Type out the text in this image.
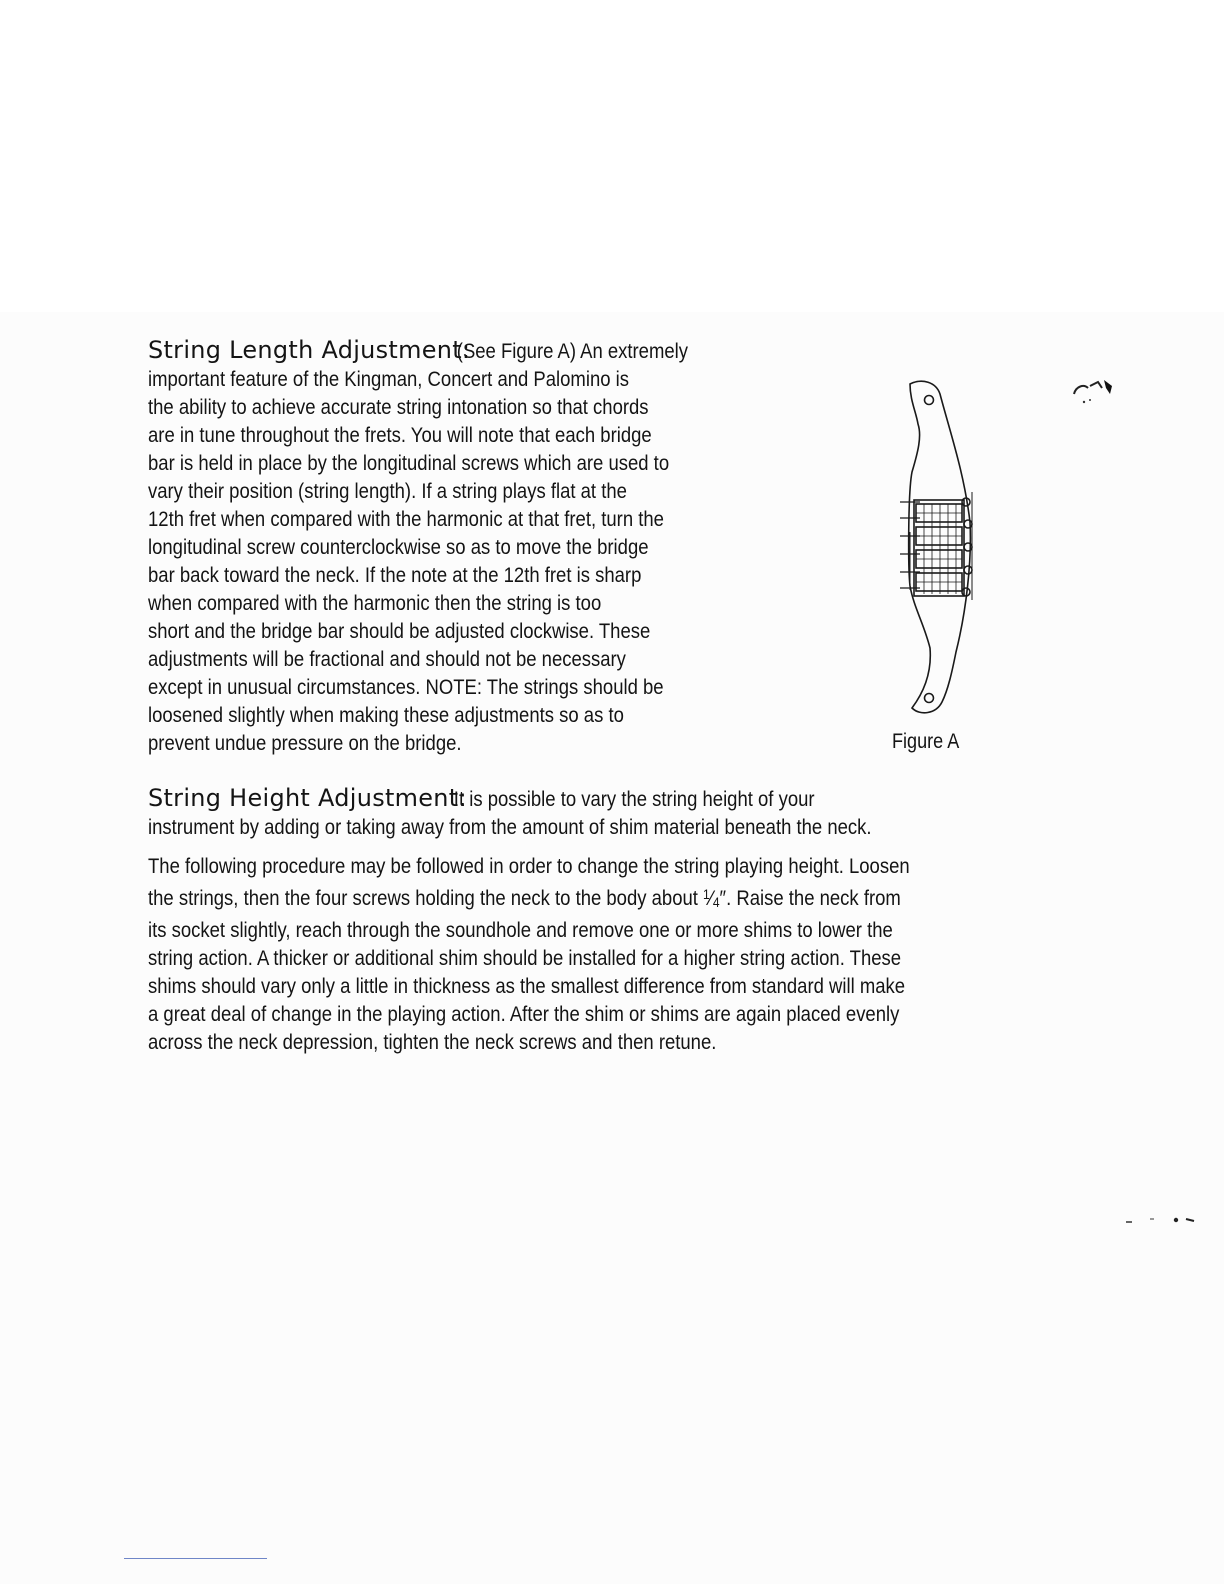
String Length Adjustment:
(See Figure A) An extremely
important feature of the Kingman, Concert and Palomino is
the ability to achieve accurate string intonation so that chords
are in tune throughout the frets. You will note that each bridge
bar is held in place by the longitudinal screws which are used to
vary their position (string length). If a string plays flat at the
12th fret when compared with the harmonic at that fret, turn the
longitudinal screw counterclockwise so as to move the bridge
bar back toward the neck. If the note at the 12th fret is sharp
when compared with the harmonic then the string is too
short and the bridge bar should be adjusted clockwise. These
adjustments will be fractional and should not be necessary
except in unusual circumstances. NOTE: The strings should be
loosened slightly when making these adjustments so as to
prevent undue pressure on the bridge.	Figure A
String Height Adjustment:
It is possible to vary the string height of your
instrument by adding or taking away from the amount of shim material beneath the neck.
The following procedure may be followed in order to change the string playing height. Loosen
the strings, then the four screws holding the neck to the body about $^1$⁄4″. Raise the neck from
its socket slightly, reach through the soundhole and remove one or more shims to lower the
string action. A thicker or additional shim should be installed for a higher string action. These
shims should vary only a little in thickness as the smallest difference from standard will make
a great deal of change in the playing action. After the shim or shims are again placed evenly
across the neck depression, tighten the neck screws and then retune.
